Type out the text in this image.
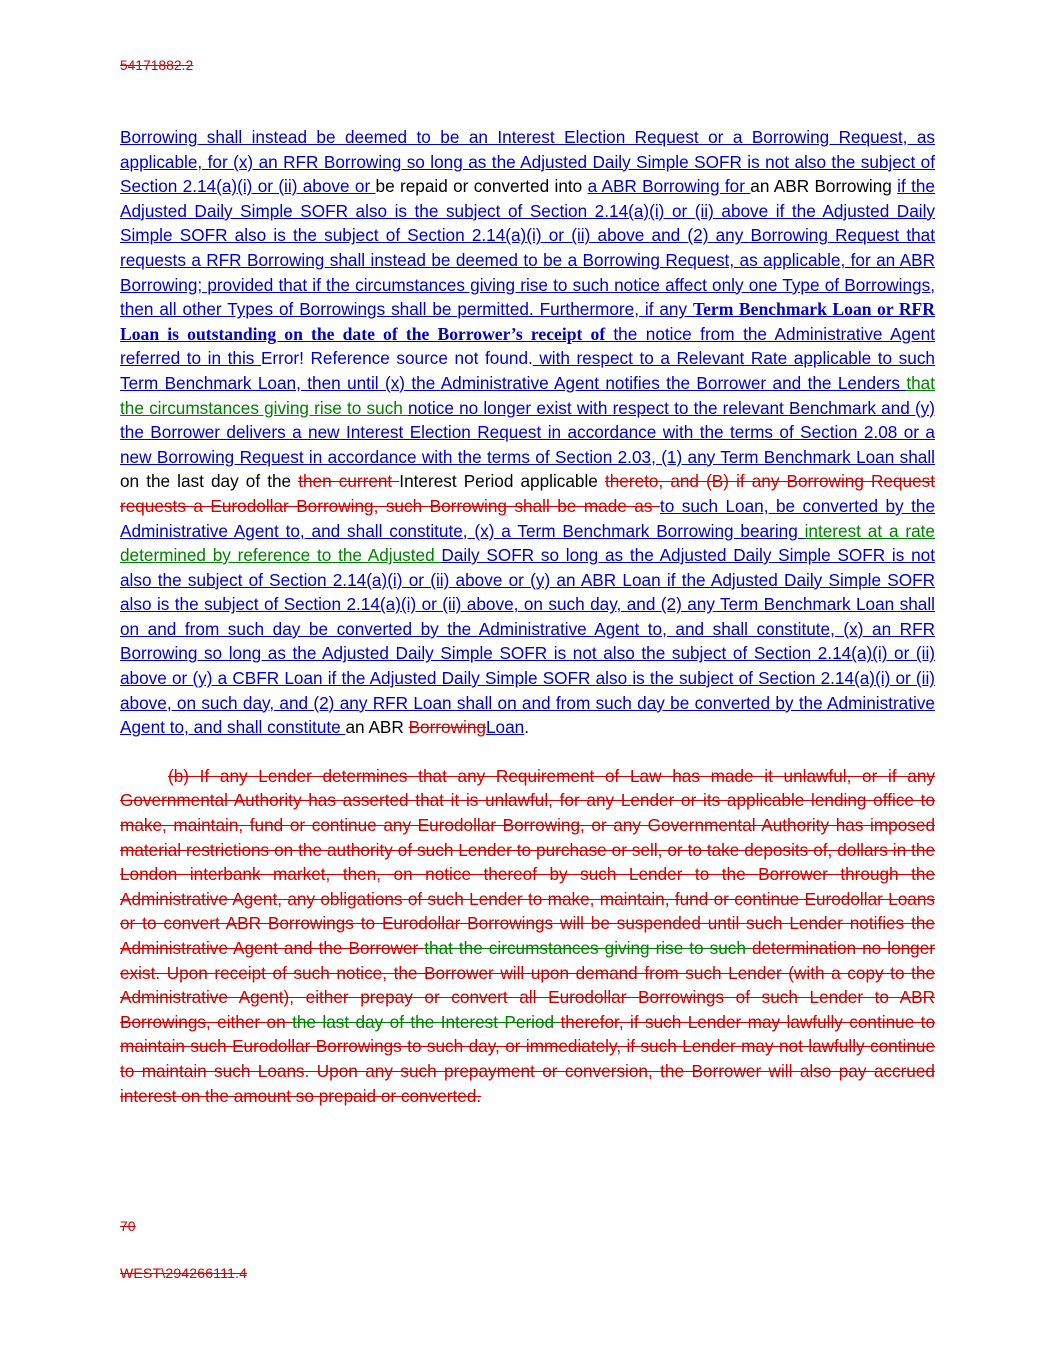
54171882.2

Borrowing shall instead be deemed to be an Interest Election Request or a Borrowing Request, as applicable, for (x) an RFR Borrowing so long as the Adjusted Daily Simple SOFR is not also the subject of Section 2.14(a)(i) or (ii) above or be repaid or converted into a ABR Borrowing for an ABR Borrowing if the Adjusted Daily Simple SOFR also is the subject of Section 2.14(a)(i) or (ii) above if the Adjusted Daily Simple SOFR also is the subject of Section 2.14(a)(i) or (ii) above and (2) any Borrowing Request that requests a RFR Borrowing shall instead be deemed to be a Borrowing Request, as applicable, for an ABR Borrowing; provided that if the circumstances giving rise to such notice affect only one Type of Borrowings, then all other Types of Borrowings shall be permitted. Furthermore, if any Term Benchmark Loan or RFR Loan is outstanding on the date of the Borrower’s receipt of the notice from the Administrative Agent referred to in this Error! Reference source not found. with respect to a Relevant Rate applicable to such Term Benchmark Loan, then until (x) the Administrative Agent notifies the Borrower and the Lenders that the circumstances giving rise to such notice no longer exist with respect to the relevant Benchmark and (y) the Borrower delivers a new Interest Election Request in accordance with the terms of Section 2.08 or a new Borrowing Request in accordance with the terms of Section 2.03, (1) any Term Benchmark Loan shall on the last day of the then current Interest Period applicable thereto, and (B) if any Borrowing Request requests a Eurodollar Borrowing, such Borrowing shall be made as to such Loan, be converted by the Administrative Agent to, and shall constitute, (x) a Term Benchmark Borrowing bearing interest at a rate determined by reference to the Adjusted Daily SOFR so long as the Adjusted Daily Simple SOFR is not also the subject of Section 2.14(a)(i) or (ii) above or (y) an ABR Loan if the Adjusted Daily Simple SOFR also is the subject of Section 2.14(a)(i) or (ii) above, on such day, and (2) any Term Benchmark Loan shall on and from such day be converted by the Administrative Agent to, and shall constitute, (x) an RFR Borrowing so long as the Adjusted Daily Simple SOFR is not also the subject of Section 2.14(a)(i) or (ii) above or (y) a CBFR Loan if the Adjusted Daily Simple SOFR also is the subject of Section 2.14(a)(i) or (ii) above, on such day, and (2) any RFR Loan shall on and from such day be converted by the Administrative Agent to, and shall constitute an ABR BorrowingLoan.

(b) If any Lender determines that any Requirement of Law has made it unlawful, or if any Governmental Authority has asserted that it is unlawful, for any Lender or its applicable lending office to make, maintain, fund or continue any Eurodollar Borrowing, or any Governmental Authority has imposed material restrictions on the authority of such Lender to purchase or sell, or to take deposits of, dollars in the London interbank market, then, on notice thereof by such Lender to the Borrower through the Administrative Agent, any obligations of such Lender to make, maintain, fund or continue Eurodollar Loans or to convert ABR Borrowings to Eurodollar Borrowings will be suspended until such Lender notifies the Administrative Agent and the Borrower that the circumstances giving rise to such determination no longer exist. Upon receipt of such notice, the Borrower will upon demand from such Lender (with a copy to the Administrative Agent), either prepay or convert all Eurodollar Borrowings of such Lender to ABR Borrowings, either on the last day of the Interest Period therefor, if such Lender may lawfully continue to maintain such Eurodollar Borrowings to such day, or immediately, if such Lender may not lawfully continue to maintain such Loans. Upon any such prepayment or conversion, the Borrower will also pay accrued interest on the amount so prepaid or converted.

70
WEST\294266111.4
